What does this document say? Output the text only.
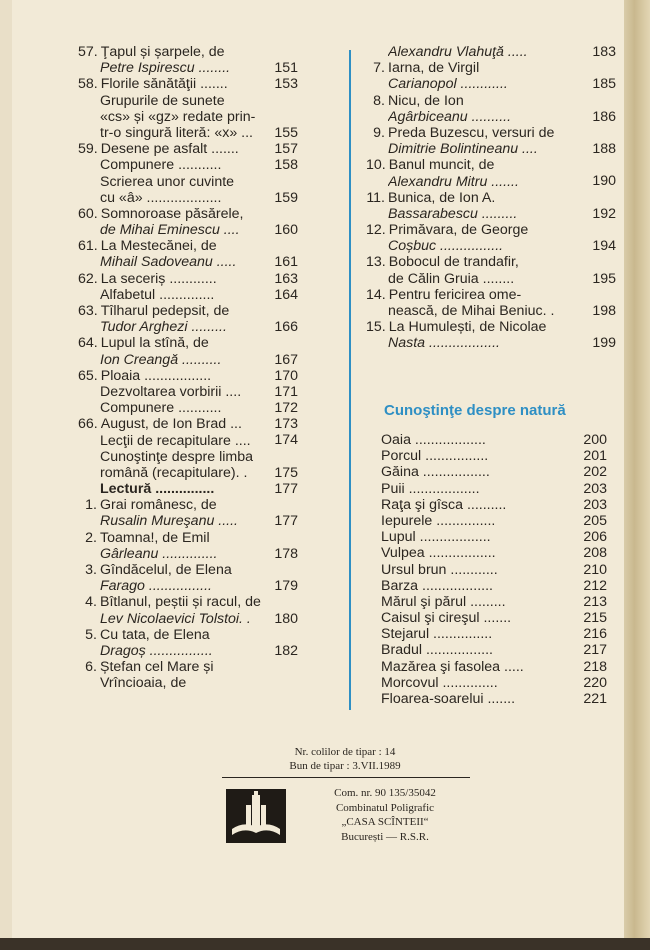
57. Ţapul și șarpele, de
Petre Ispirescu ........	151
58. Florile sănătăţii .......	153
Grupurile de sunete
«cs» și «gz» redate prin-
tr-o singură literă: «x» ...	155
59. Desene pe asfalt .......	157
Compunere ...........	158
Scrierea unor cuvinte
cu «â» ...................	159
60. Somnoroase păsărele,
de Mihai Eminescu ....	160
61. La Mestecănei, de
Mihail Sadoveanu .....	161
62. La seceriș ............	163
Alfabetul ..............	164
63. Tîlharul pedepsit, de
Tudor Arghezi .........	166
64. Lupul la stînă, de
Ion Creangă ..........	167
65. Ploaia .................	170
Dezvoltarea vorbirii ....	171
Compunere ...........	172
66. August, de Ion Brad ...	173
Lecţii de recapitulare ....	174
Cunoştinţe despre limba
română (recapitulare). .	175
Lectură ...............	177
1. Grai românesc, de
Rusalin Mureşanu .....	177
2. Toamna!, de Emil
Gârleanu ..............	178
3. Gîndăcelul, de Elena
Farago ................	179
4. Bîtlanul, peștii și racul, de
Lev Nicolaevici Tolstoi. .	180
5. Cu tata, de Elena
Dragoș ................	182
6. Ștefan cel Mare și
Vrîncioaia, de
Alexandru Vlahuţă .....	183
7. Iarna, de Virgil
Carianopol ............	185
8. Nicu, de Ion
Agârbiceanu ..........	186
9. Preda Buzescu, versuri de
Dimitrie Bolintineanu ....	188
10. Banul muncit, de
Alexandru Mitru .......	190
11. Bunica, de Ion A.
Bassarabescu .........	192
12. Primăvara, de George
Coșbuc ................	194
13. Bobocul de trandafir,
de Călin Gruia ........	195
14. Pentru fericirea ome-
nească, de Mihai Beniuc. .	198
15. La Humulești, de Nicolae
Nasta ..................	199
Cunoştinţe despre natură
Oaia ..................	200
Porcul ................	201
Găina .................	202
Puii ..................	203
Raţa şi gîsca ..........	203
Iepurele ...............	205
Lupul ..................	206
Vulpea .................	208
Ursul brun ............	210
Barza ..................	212
Mărul şi părul .........	213
Caisul şi cireşul .......	215
Stejarul ...............	216
Bradul .................	217
Mazărea şi fasolea .....	218
Morcovul ..............	220
Floarea-soarelui .......	221
Nr. colilor de tipar : 14
Bun de tipar : 3.VII.1989
Com. nr. 90 135/35042
Combinatul Poligrafic
„CASA SCÎNTEII“
București — R.S.R.
